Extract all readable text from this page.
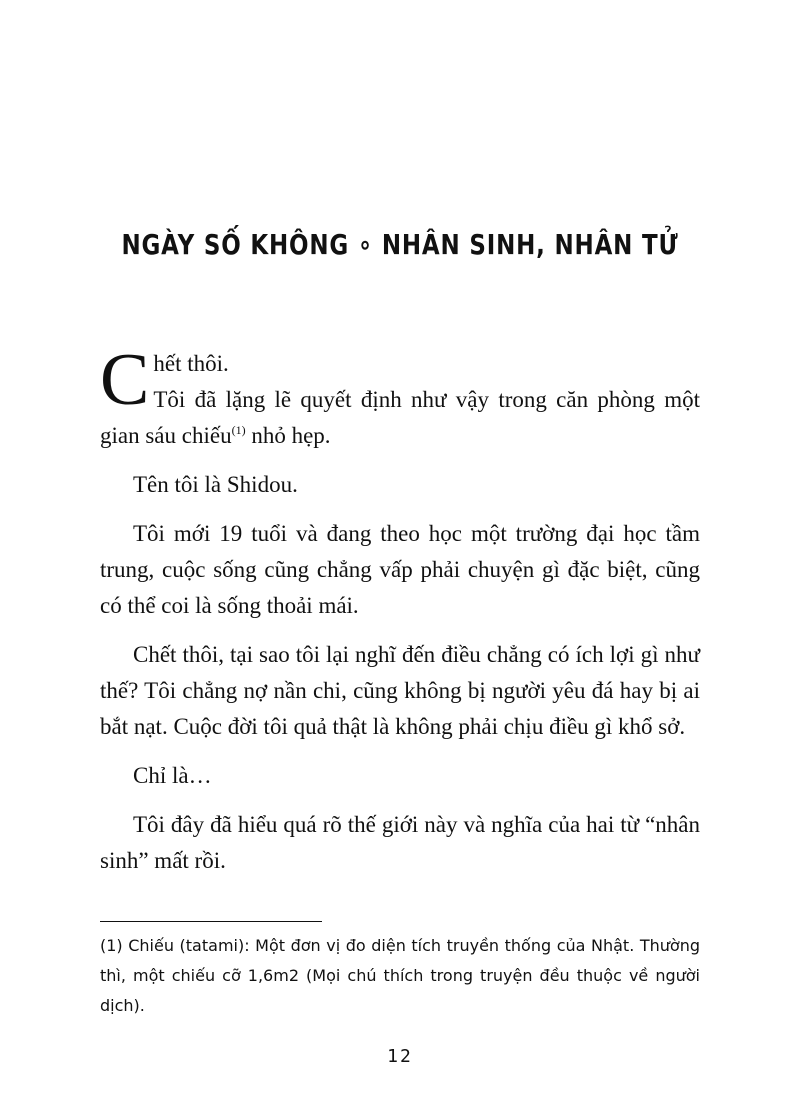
NGÀY SỐ KHÔNG ∘ NHÂN SINH, NHÂN TỬ

Chết thôi.
Tôi đã lặng lẽ quyết định như vậy trong căn phòng một gian sáu chiếu$^{(1)}$ nhỏ hẹp.

Tên tôi là Shidou.

Tôi mới 19 tuổi và đang theo học một trường đại học tầm trung, cuộc sống cũng chẳng vấp phải chuyện gì đặc biệt, cũng có thể coi là sống thoải mái.

Chết thôi, tại sao tôi lại nghĩ đến điều chẳng có ích lợi gì như thế? Tôi chẳng nợ nần chi, cũng không bị người yêu đá hay bị ai bắt nạt. Cuộc đời tôi quả thật là không phải chịu điều gì khổ sở.

Chỉ là…

Tôi đây đã hiểu quá rõ thế giới này và nghĩa của hai từ “nhân sinh” mất rồi.

(1) Chiếu (tatami): Một đơn vị đo diện tích truyền thống của Nhật. Thường thì, một chiếu cỡ 1,6m2 (Mọi chú thích trong truyện đều thuộc về người dịch).

12
